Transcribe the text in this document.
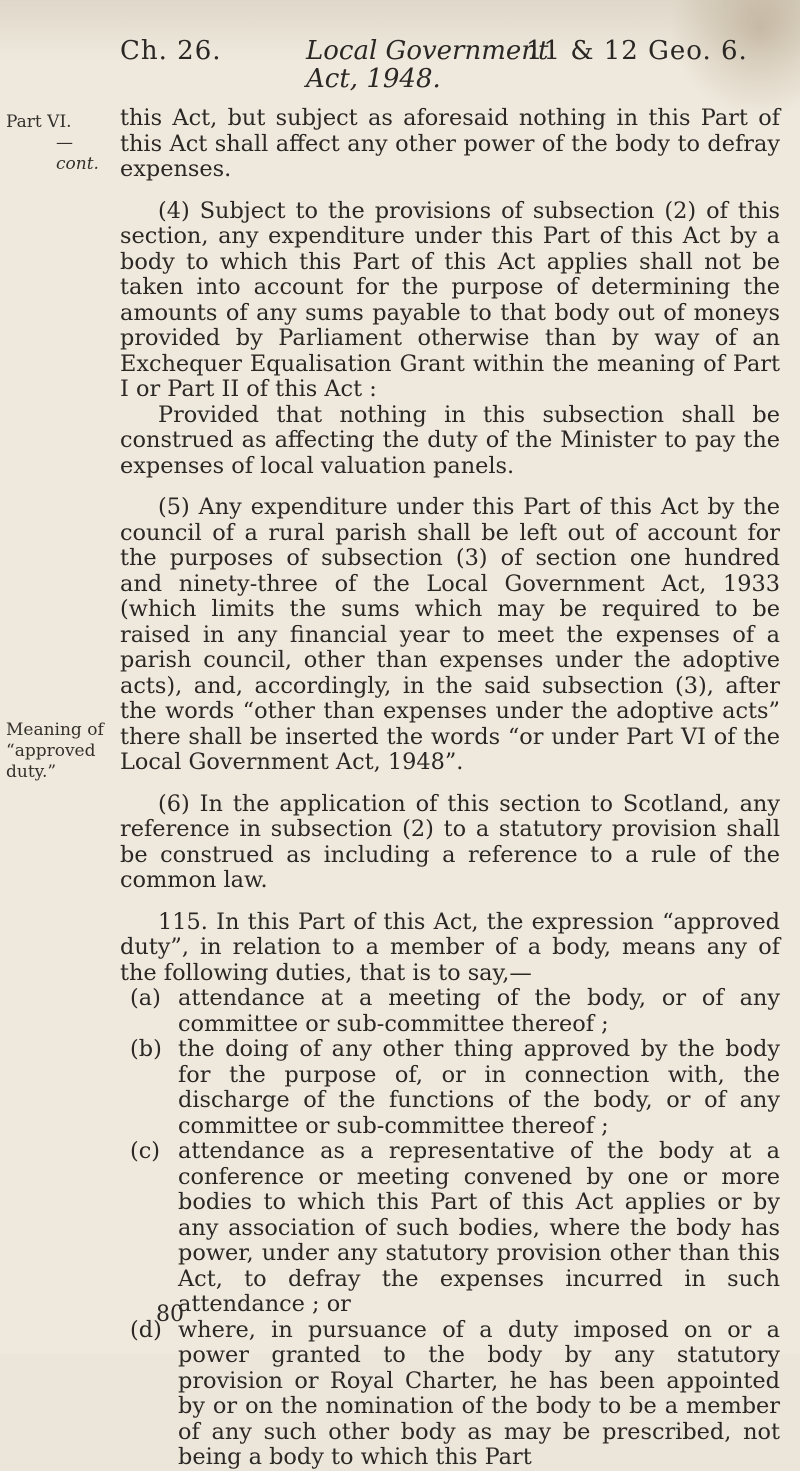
Ch. 26.	Local Government
11 & 12 Geo. 6.
Act, 1948.
Part VI.
—cont.
Meaning of
“approved
duty.”

this Act, but subject as aforesaid nothing in this Part of this Act shall affect any other power of the body to defray expenses.

(4) Subject to the provisions of subsection (2) of this section, any expenditure under this Part of this Act by a body to which this Part of this Act applies shall not be taken into account for the purpose of determining the amounts of any sums payable to that body out of moneys provided by Parliament otherwise than by way of an Exchequer Equalisation Grant within the meaning of Part I or Part II of this Act :

Provided that nothing in this subsection shall be construed as affecting the duty of the Minister to pay the expenses of local valuation panels.

(5) Any expenditure under this Part of this Act by the council of a rural parish shall be left out of account for the purposes of subsection (3) of section one hundred and ninety-three of the Local Government Act, 1933 (which limits the sums which may be required to be raised in any financial year to meet the expenses of a parish council, other than expenses under the adoptive acts), and, accordingly, in the said subsection (3), after the words “other than expenses under the adoptive acts” there shall be inserted the words “or under Part VI of the Local Government Act, 1948”.

(6) In the application of this section to Scotland, any reference in subsection (2) to a statutory provision shall be construed as including a reference to a rule of the common law.

115. In this Part of this Act, the expression “approved duty”, in relation to a member of a body, means any of the following duties, that is to say,—

(a) attendance at a meeting of the body, or of any committee or sub-committee thereof ;

(b) the doing of any other thing approved by the body for the purpose of, or in connection with, the discharge of the functions of the body, or of any committee or sub-committee thereof ;

(c) attendance as a representative of the body at a conference or meeting convened by one or more bodies to which this Part of this Act applies or by any association of such bodies, where the body has power, under any statutory provision other than this Act, to defray the expenses incurred in such attendance ; or

(d) where, in pursuance of a duty imposed on or a power granted to the body by any statutory provision or Royal Charter, he has been appointed by or on the nomination of the body to be a member of any such other body as may be prescribed, not being a body to which this Part

80
